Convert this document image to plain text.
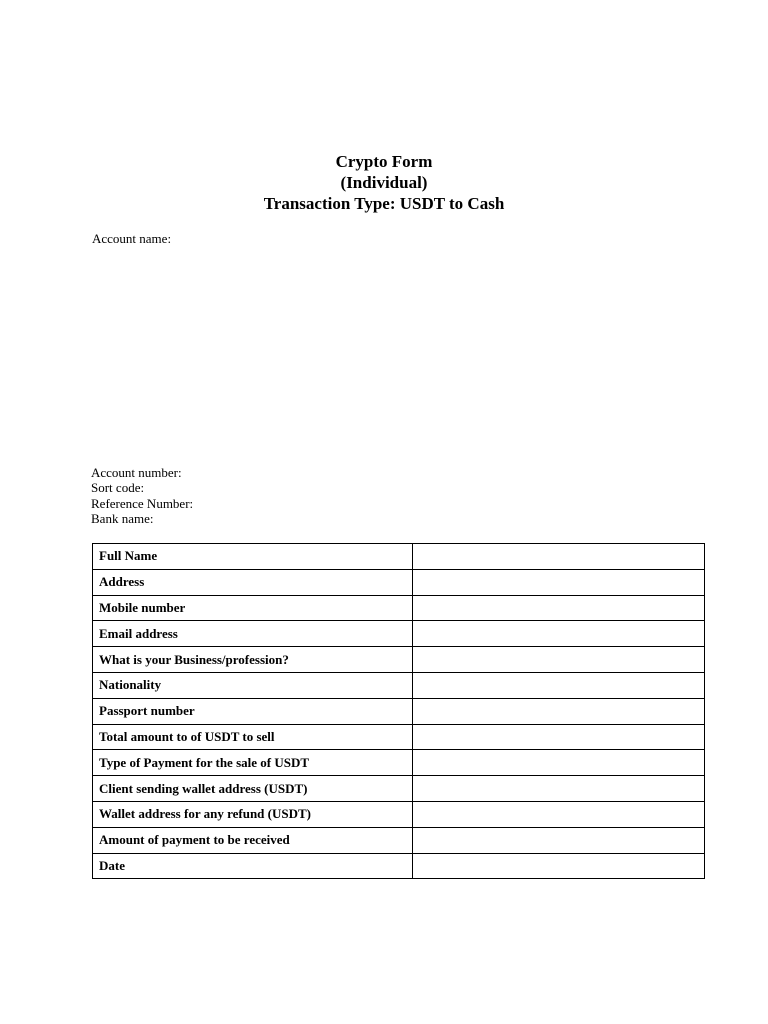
Crypto Form
(Individual)
Transaction Type: USDT to Cash
Account name:
Account number:
Sort code:
Reference Number:
Bank name:
Full Name	
Address	
Mobile number	
Email address	
What is your Business/profession?	
Nationality	
Passport number	
Total amount to of USDT to sell	
Type of Payment for the sale of USDT	
Client sending wallet address (USDT)	
Wallet address for any refund (USDT)	
Amount of payment to be received	
Date	
